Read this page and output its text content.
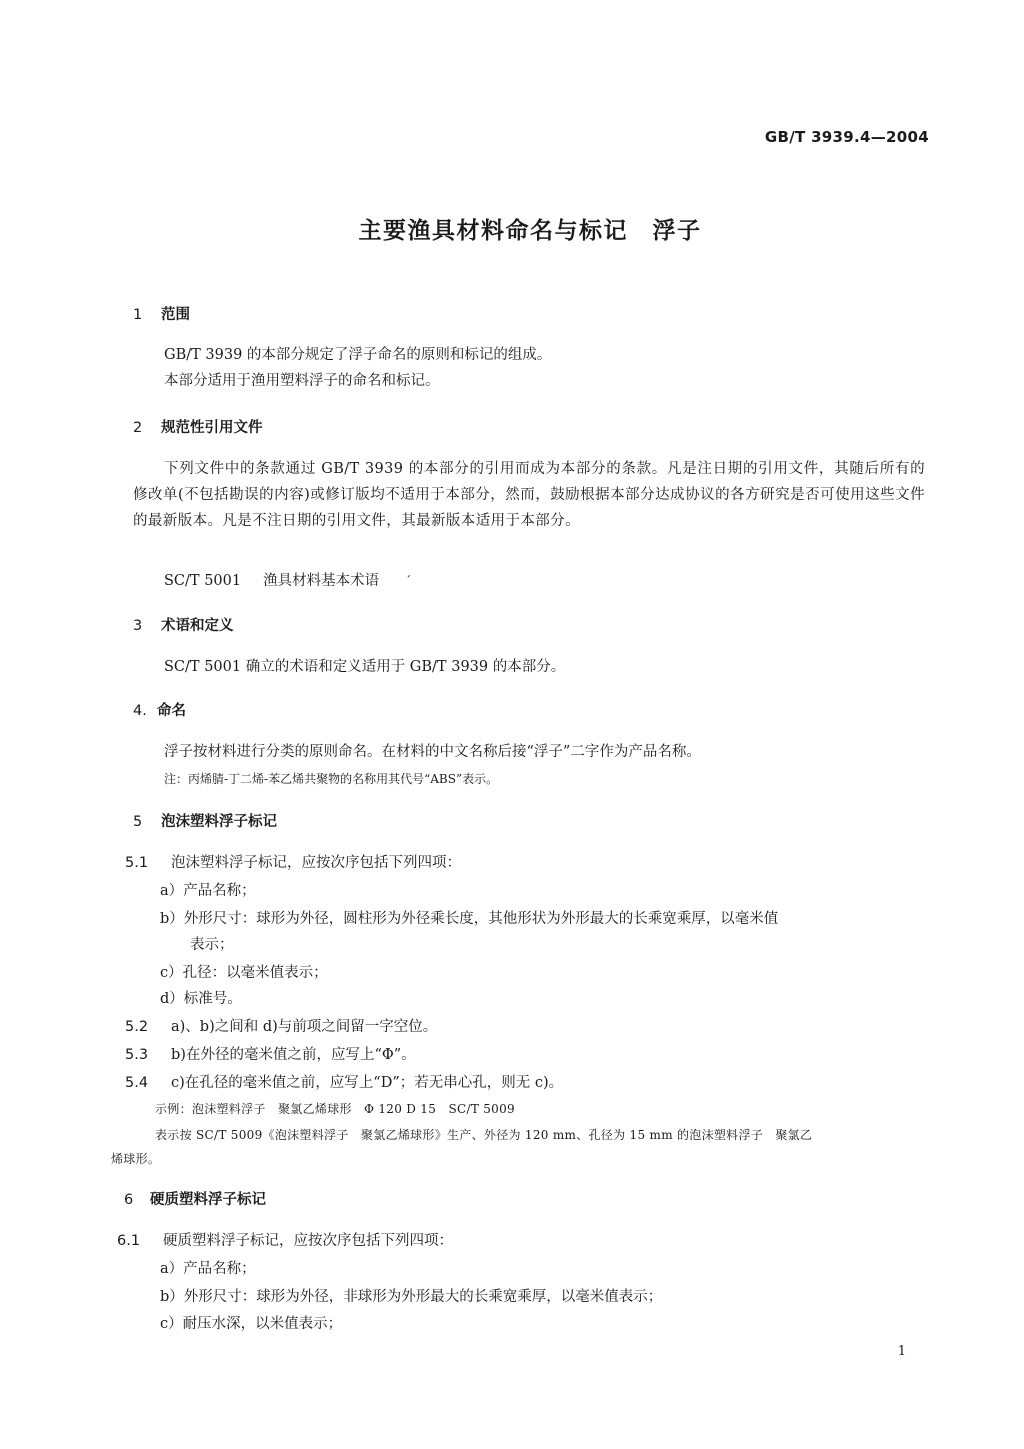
GB/T 3939.4—2004
主要渔具材料命名与标记　浮子
1 范围
GB/T 3939 的本部分规定了浮子命名的原则和标记的组成。
本部分适用于渔用塑料浮子的命名和标记。
2 规范性引用文件
下列文件中的条款通过 GB/T 3939 的本部分的引用而成为本部分的条款。凡是注日期的引用文件，其随后所有的修改单(不包括勘误的内容)或修订版均不适用于本部分，然而，鼓励根据本部分达成协议的各方研究是否可使用这些文件的最新版本。凡是不注日期的引用文件，其最新版本适用于本部分。
SC/T 5001 渔具材料基本术语 ´
3 术语和定义
SC/T 5001 确立的术语和定义适用于 GB/T 3939 的本部分。
4. 命名
浮子按材料进行分类的原则命名。在材料的中文名称后接“浮子”二字作为产品名称。
注：丙烯腈-丁二烯-苯乙烯共聚物的名称用其代号“ABS”表示。
5 泡沫塑料浮子标记
5.1 泡沫塑料浮子标记，应按次序包括下列四项：
a）产品名称；
b）外形尺寸：球形为外径，圆柱形为外径乘长度，其他形状为外形最大的长乘宽乘厚，以毫米值
表示；
c）孔径：以毫米值表示；
d）标准号。
5.2 a)、b)之间和 d)与前项之间留一字空位。
5.3 b)在外径的毫米值之前，应写上“Φ”。
5.4 c)在孔径的毫米值之前，应写上“D”；若无串心孔，则无 c)。
示例：泡沫塑料浮子　聚氯乙烯球形　Φ 120 D 15　SC/T 5009
表示按 SC/T 5009《泡沫塑料浮子　聚氯乙烯球形》生产、外径为 120 mm、孔径为 15 mm 的泡沫塑料浮子　聚氯乙
烯球形。
6 硬质塑料浮子标记
6.1 硬质塑料浮子标记，应按次序包括下列四项：
a）产品名称；
b）外形尺寸：球形为外径，非球形为外形最大的长乘宽乘厚，以毫米值表示；
c）耐压水深，以米值表示；
1
